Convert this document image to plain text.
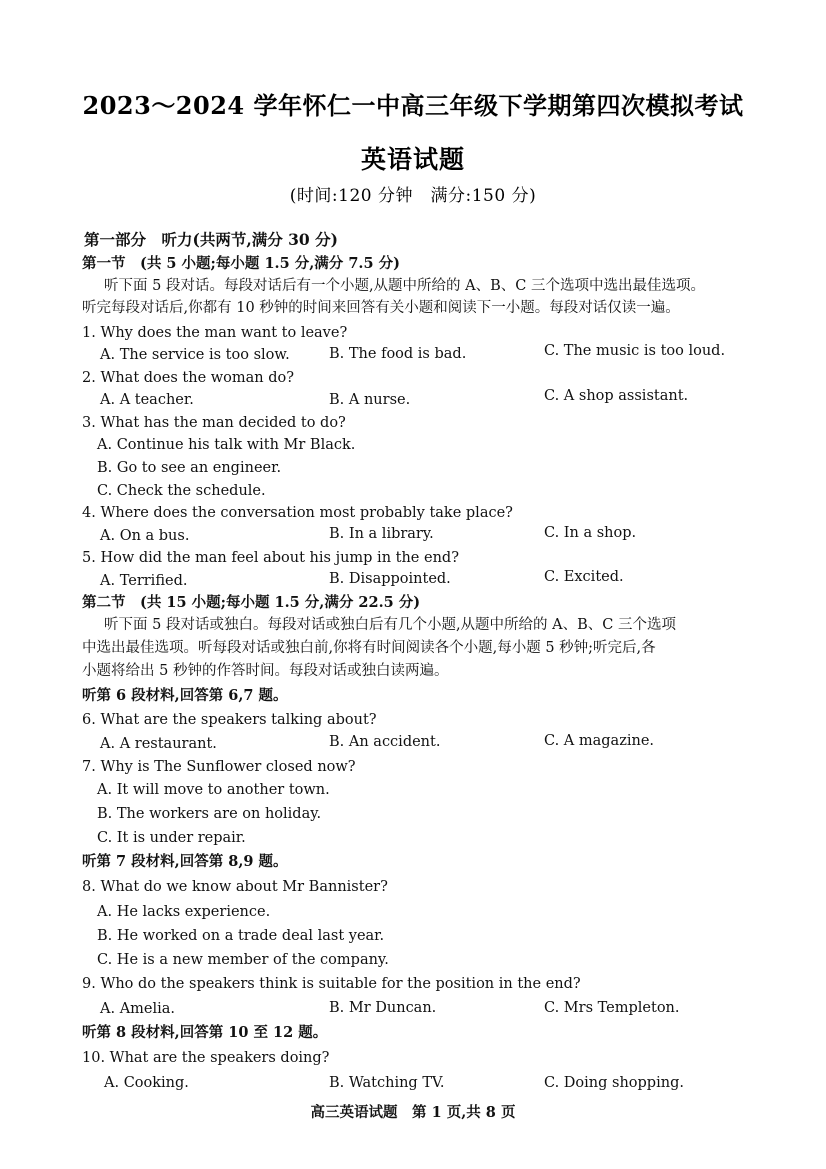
2023～2024 学年怀仁一中高三年级下学期第四次模拟考试
英语试题
(时间:120 分钟　满分:150 分)
第一部分　听力(共两节,满分 30 分)
第一节　(共 5 小题;每小题 1.5 分,满分 7.5 分)
听下面 5 段对话。每段对话后有一个小题,从题中所给的 A、B、C 三个选项中选出最佳选项。
听完每段对话后,你都有 10 秒钟的时间来回答有关小题和阅读下一小题。每段对话仅读一遍。
1. Why does the man want to leave?
A. The service is too slow.	B. The food is bad.	C. The music is too loud.
2. What does the woman do?
A. A teacher.	B. A nurse.	C. A shop assistant.
3. What has the man decided to do?
A. Continue his talk with Mr Black.
B. Go to see an engineer.
C. Check the schedule.
4. Where does the conversation most probably take place?
A. On a bus.	B. In a library.	C. In a shop.
5. How did the man feel about his jump in the end?
A. Terrified.	B. Disappointed.	C. Excited.
第二节　(共 15 小题;每小题 1.5 分,满分 22.5 分)
听下面 5 段对话或独白。每段对话或独白后有几个小题,从题中所给的 A、B、C 三个选项
中选出最佳选项。听每段对话或独白前,你将有时间阅读各个小题,每小题 5 秒钟;听完后,各
小题将给出 5 秒钟的作答时间。每段对话或独白读两遍。
听第 6 段材料,回答第 6,7 题。
6. What are the speakers talking about?
A. A restaurant.	B. An accident.	C. A magazine.
7. Why is The Sunflower closed now?
A. It will move to another town.
B. The workers are on holiday.
C. It is under repair.
听第 7 段材料,回答第 8,9 题。
8. What do we know about Mr Bannister?
A. He lacks experience.
B. He worked on a trade deal last year.
C. He is a new member of the company.
9. Who do the speakers think is suitable for the position in the end?
A. Amelia.	B. Mr Duncan.	C. Mrs Templeton.
听第 8 段材料,回答第 10 至 12 题。
10. What are the speakers doing?
A. Cooking.	B. Watching TV.	C. Doing shopping.
高三英语试题　第 1 页,共 8 页
